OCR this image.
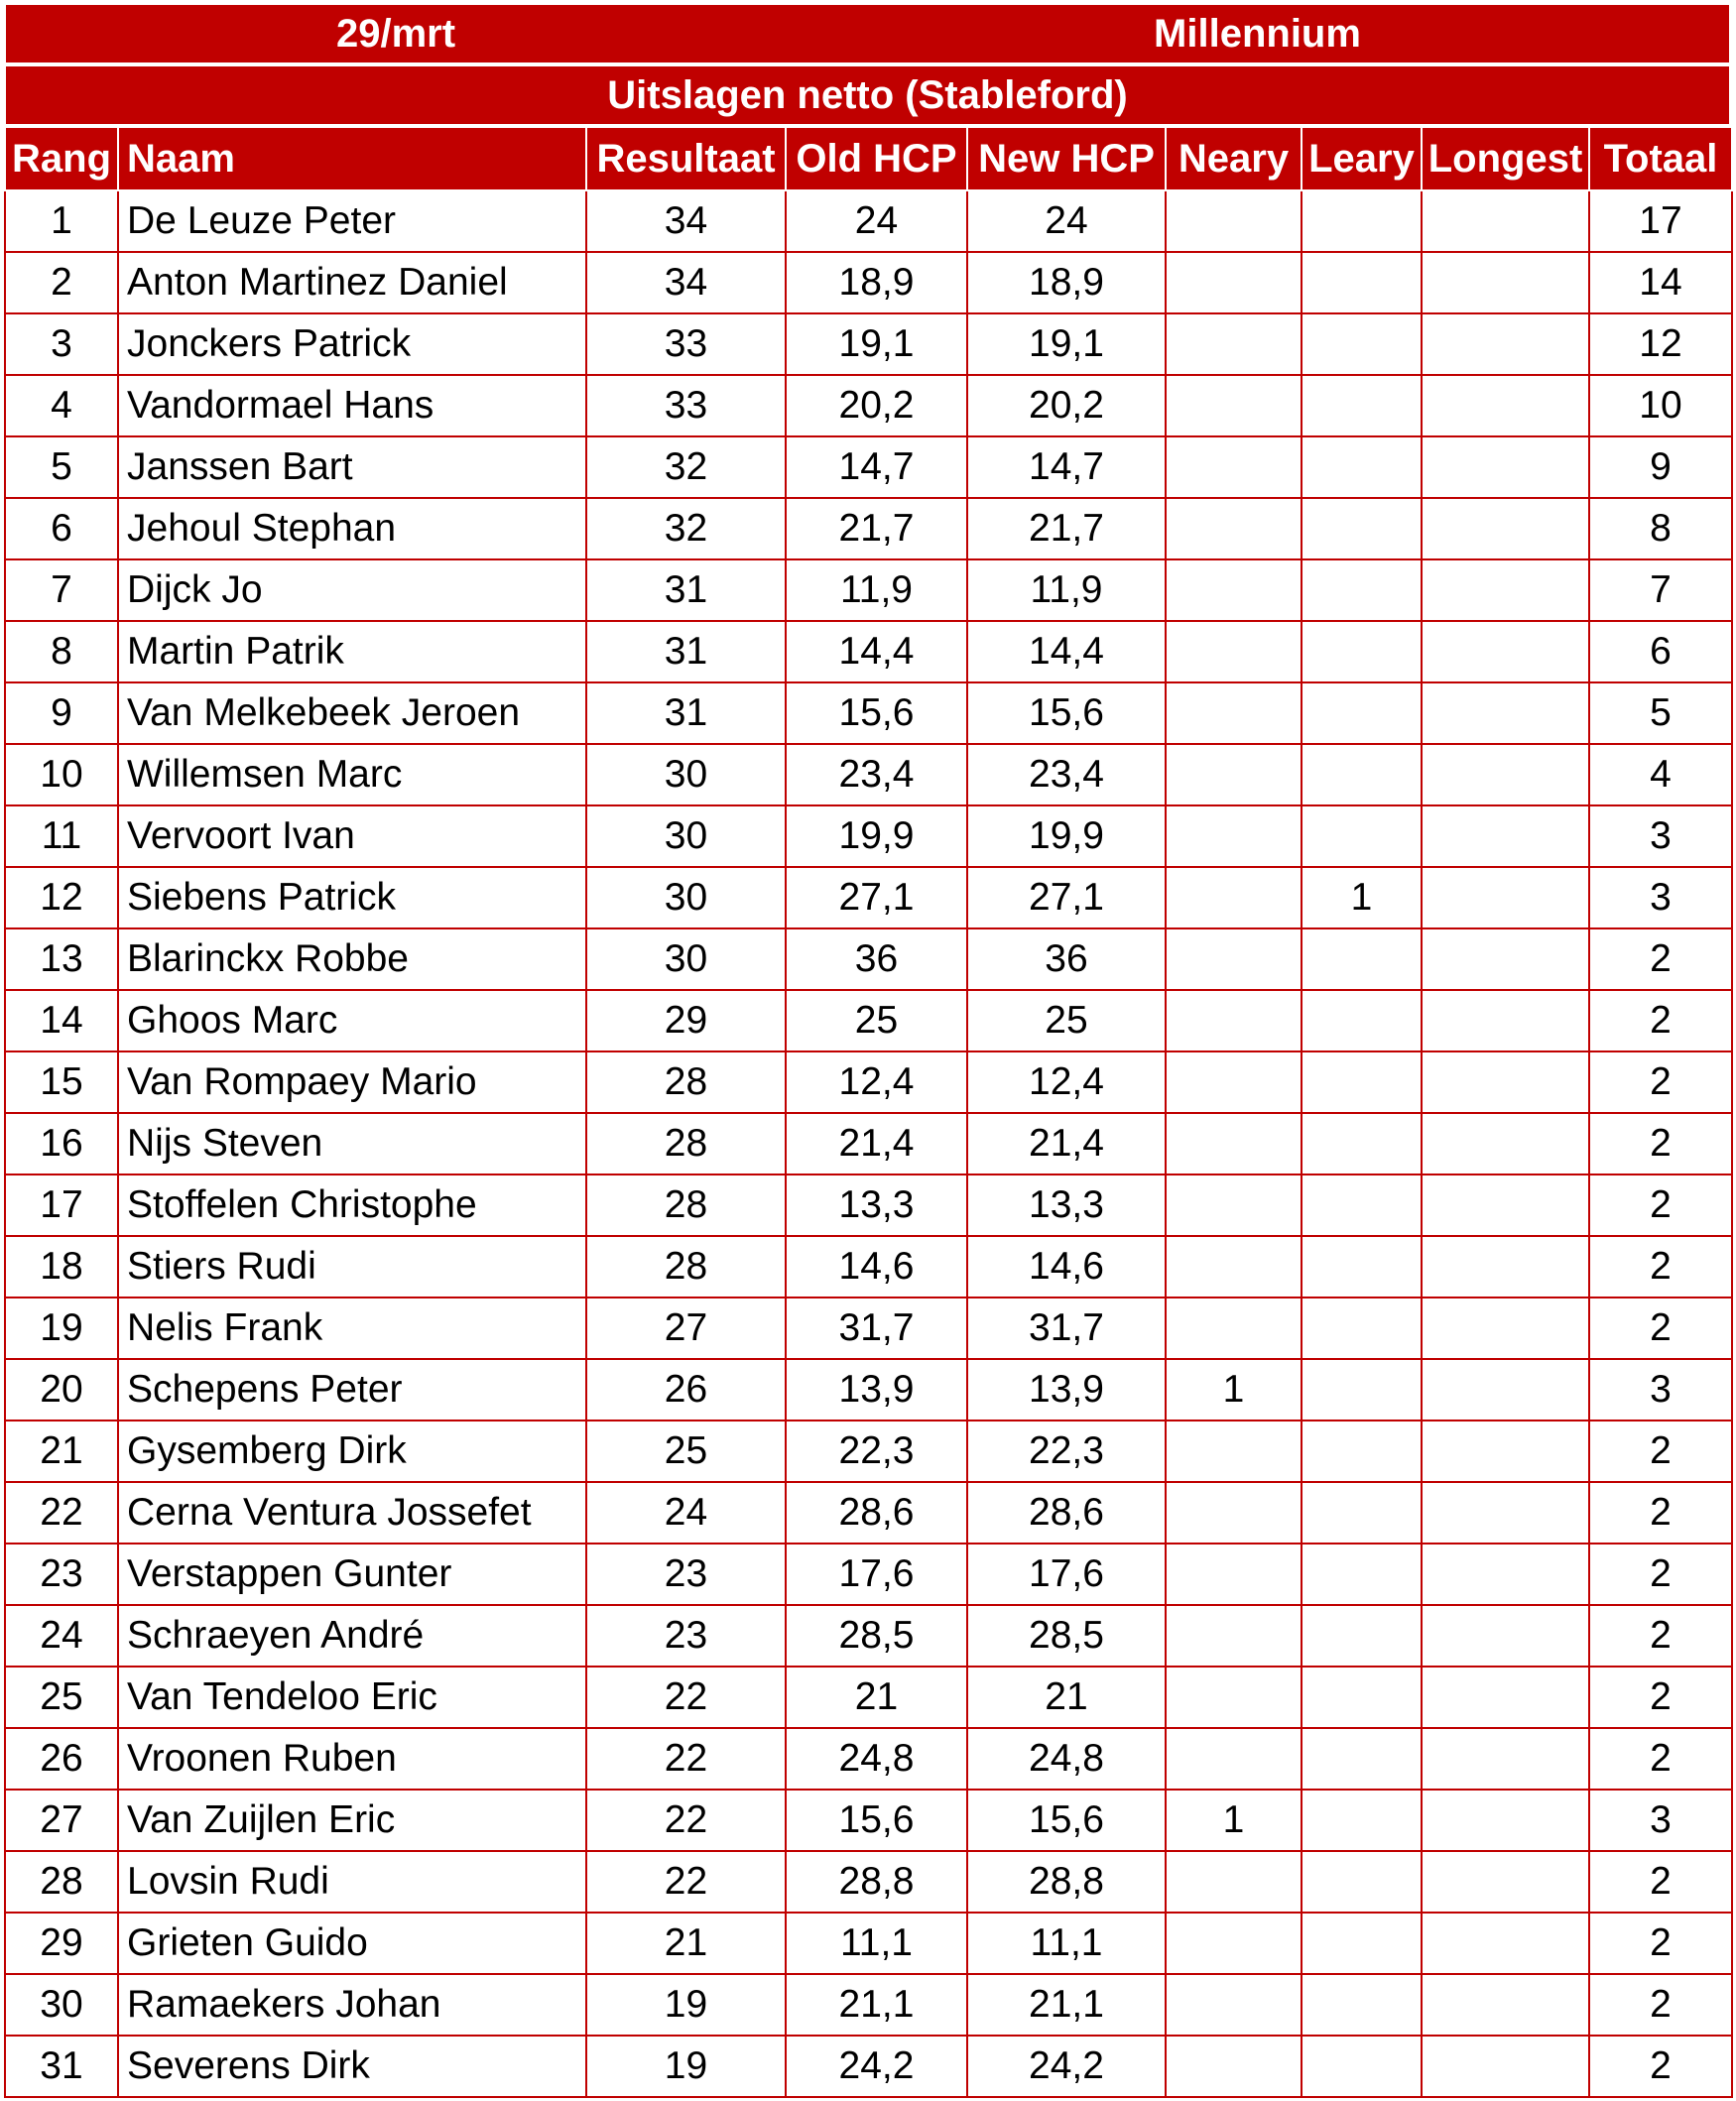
29/mrt	Millennium
Uitslagen netto (Stableford)
Rang	Naam	Resultaat	Old HCP	New HCP	Neary	Leary	Longest	Totaal
1	De Leuze Peter	34	24	24				17
2	Anton Martinez Daniel	34	18,9	18,9				14
3	Jonckers Patrick	33	19,1	19,1				12
4	Vandormael Hans	33	20,2	20,2				10
5	Janssen Bart	32	14,7	14,7				9
6	Jehoul Stephan	32	21,7	21,7				8
7	Dijck Jo	31	11,9	11,9				7
8	Martin Patrik	31	14,4	14,4				6
9	Van Melkebeek Jeroen	31	15,6	15,6				5
10	Willemsen Marc	30	23,4	23,4				4
11	Vervoort Ivan	30	19,9	19,9				3
12	Siebens Patrick	30	27,1	27,1		1		3
13	Blarinckx Robbe	30	36	36				2
14	Ghoos Marc	29	25	25				2
15	Van Rompaey Mario	28	12,4	12,4				2
16	Nijs Steven	28	21,4	21,4				2
17	Stoffelen Christophe	28	13,3	13,3				2
18	Stiers Rudi	28	14,6	14,6				2
19	Nelis Frank	27	31,7	31,7				2
20	Schepens Peter	26	13,9	13,9	1			3
21	Gysemberg Dirk	25	22,3	22,3				2
22	Cerna Ventura Jossefet	24	28,6	28,6				2
23	Verstappen Gunter	23	17,6	17,6				2
24	Schraeyen André	23	28,5	28,5				2
25	Van Tendeloo Eric	22	21	21				2
26	Vroonen Ruben	22	24,8	24,8				2
27	Van Zuijlen Eric	22	15,6	15,6	1			3
28	Lovsin Rudi	22	28,8	28,8				2
29	Grieten Guido	21	11,1	11,1				2
30	Ramaekers Johan	19	21,1	21,1				2
31	Severens Dirk	19	24,2	24,2				2
